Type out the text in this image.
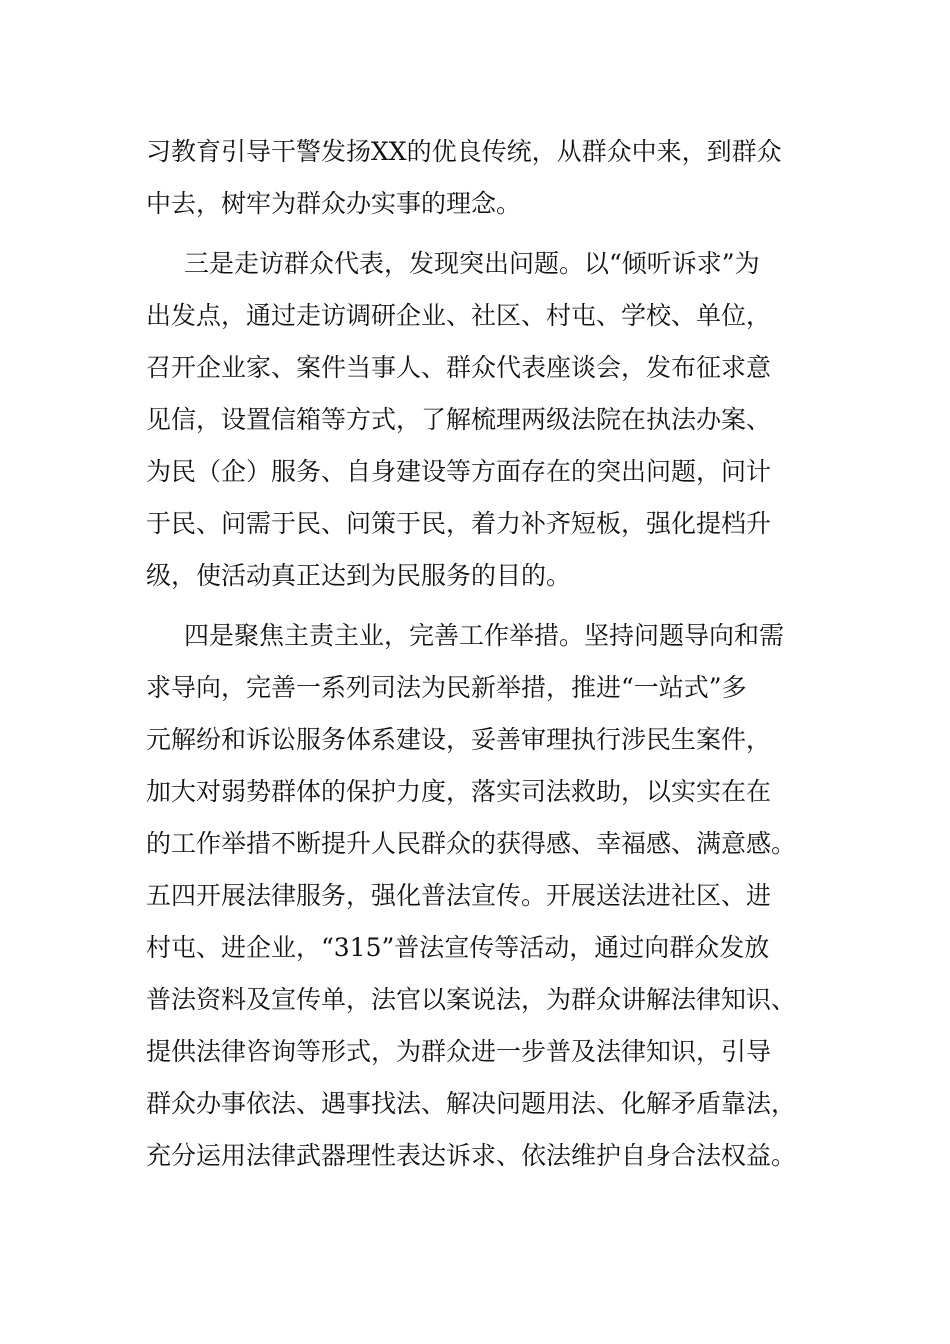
习教育引导干警发扬XX的优良传统，从群众中来，到群众
中去，树牢为群众办实事的理念。
三是走访群众代表，发现突出问题。以“倾听诉求”为
出发点，通过走访调研企业、社区、村屯、学校、单位，
召开企业家、案件当事人、群众代表座谈会，发布征求意
见信，设置信箱等方式，了解梳理两级法院在执法办案、
为民（企）服务、自身建设等方面存在的突出问题，问计
于民、问需于民、问策于民，着力补齐短板，强化提档升
级，使活动真正达到为民服务的目的。
四是聚焦主责主业，完善工作举措。坚持问题导向和需
求导向，完善一系列司法为民新举措，推进“一站式”多
元解纷和诉讼服务体系建设，妥善审理执行涉民生案件，
加大对弱势群体的保护力度，落实司法救助，以实实在在
的工作举措不断提升人民群众的获得感、幸福感、满意感。
五四开展法律服务，强化普法宣传。开展送法进社区、进
村屯、进企业，“315”普法宣传等活动，通过向群众发放
普法资料及宣传单，法官以案说法，为群众讲解法律知识、
提供法律咨询等形式，为群众进一步普及法律知识，引导
群众办事依法、遇事找法、解决问题用法、化解矛盾靠法，
充分运用法律武器理性表达诉求、依法维护自身合法权益。
